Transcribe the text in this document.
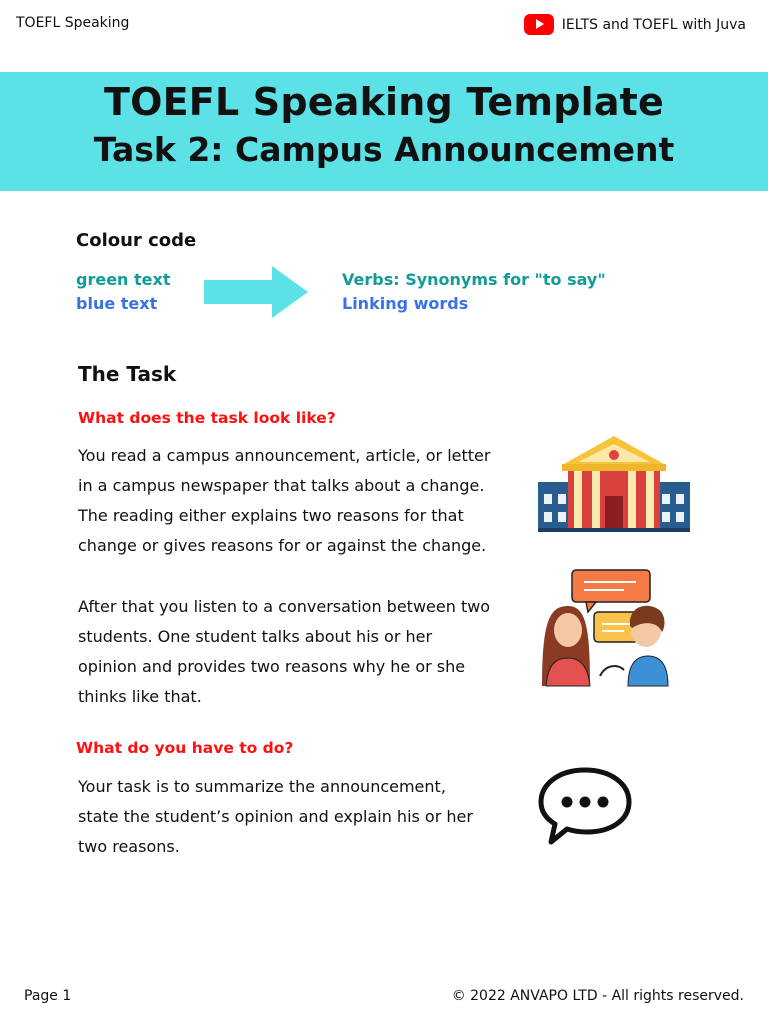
TOEFL Speaking	IELTS and TOEFL with Juva
TOEFL Speaking Template
Task 2: Campus Announcement
Colour code
green text
blue text
Verbs: Synonyms for "to say"
Linking words
The Task
What does the task look like?
You read a campus announcement, article, or letter
in a campus newspaper that talks about a change.
The reading either explains two reasons for that
change or gives reasons for or against the change.
After that you listen to a conversation between two
students. One student talks about his or her
opinion and provides two reasons why he or she
thinks like that.
What do you have to do?
Your task is to summarize the announcement,
state the student’s opinion and explain his or her
two reasons.
Page 1	© 2022 ANVAPO LTD - All rights reserved.
